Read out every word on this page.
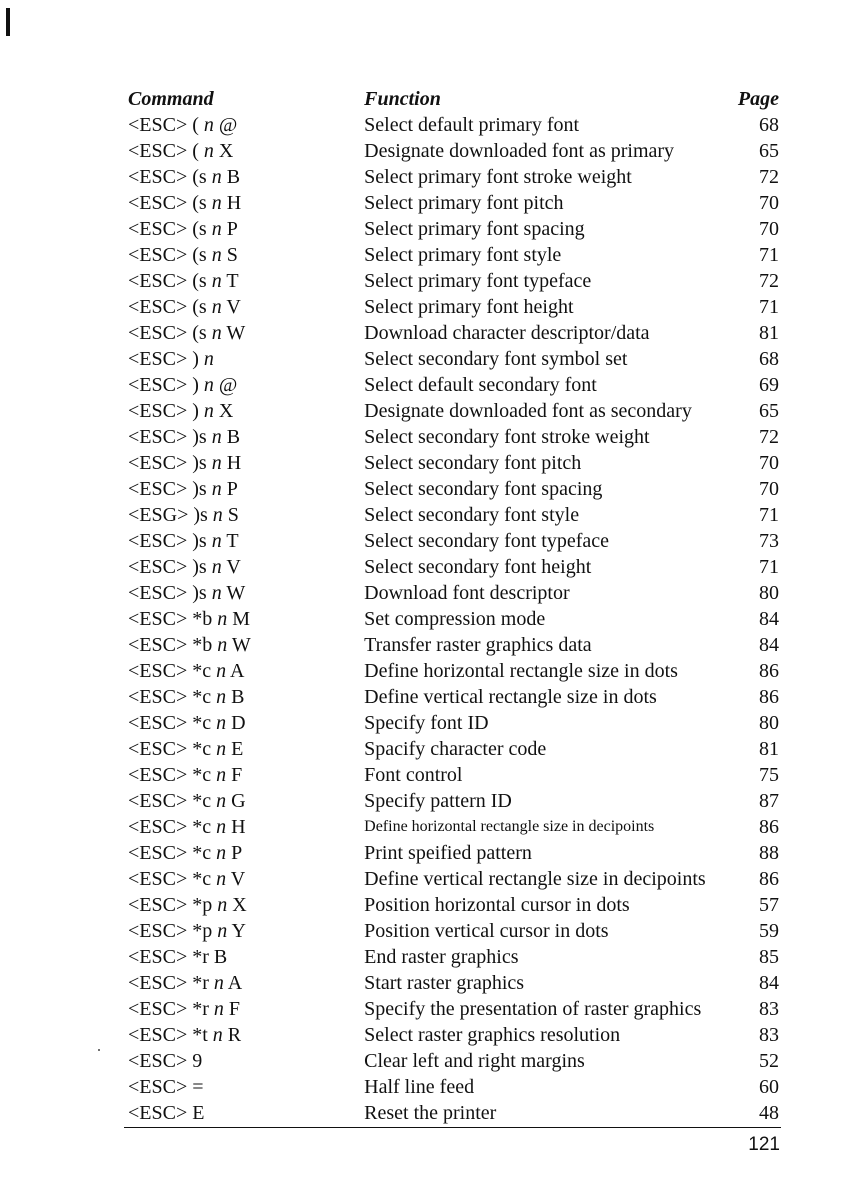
Command	Function	Page
<ESC> ( n @	Select default primary font	68
<ESC> ( n X	Designate downloaded font as primary	65
<ESC> (s n B	Select primary font stroke weight	72
<ESC> (s n H	Select primary font pitch	70
<ESC> (s n P	Select primary font spacing	70
<ESC> (s n S	Select primary font style	71
<ESC> (s n T	Select primary font typeface	72
<ESC> (s n V	Select primary font height	71
<ESC> (s n W	Download character descriptor/data	81
<ESC> ) n	Select secondary font symbol set	68
<ESC> ) n @	Select default secondary font	69
<ESC> ) n X	Designate downloaded font as secondary	65
<ESC> )s n B	Select secondary font stroke weight	72
<ESC> )s n H	Select secondary font pitch	70
<ESC> )s n P	Select secondary font spacing	70
<ESG> )s n S	Select secondary font style	71
<ESC> )s n T	Select secondary font typeface	73
<ESC> )s n V	Select secondary font height	71
<ESC> )s n W	Download font descriptor	80
<ESC> *b n M	Set compression mode	84
<ESC> *b n W	Transfer raster graphics data	84
<ESC> *c n A	Define horizontal rectangle size in dots	86
<ESC> *c n B	Define vertical rectangle size in dots	86
<ESC> *c n D	Specify font ID	80
<ESC> *c n E	Spacify character code	81
<ESC> *c n F	Font control	75
<ESC> *c n G	Specify pattern ID	87
<ESC> *c n H	Define horizontal rectangle size in decipoints	86
<ESC> *c n P	Print speified pattern	88
<ESC> *c n V	Define vertical rectangle size in decipoints	86
<ESC> *p n X	Position horizontal cursor in dots	57
<ESC> *p n Y	Position vertical cursor in dots	59
<ESC> *r B	End raster graphics	85
<ESC> *r n A	Start raster graphics	84
<ESC> *r n F	Specify the presentation of raster graphics	83
<ESC> *t n R	Select raster graphics resolution	83
<ESC> 9	Clear left and right margins	52
<ESC> =	Half line feed	60
<ESC> E	Reset the printer	48
121
